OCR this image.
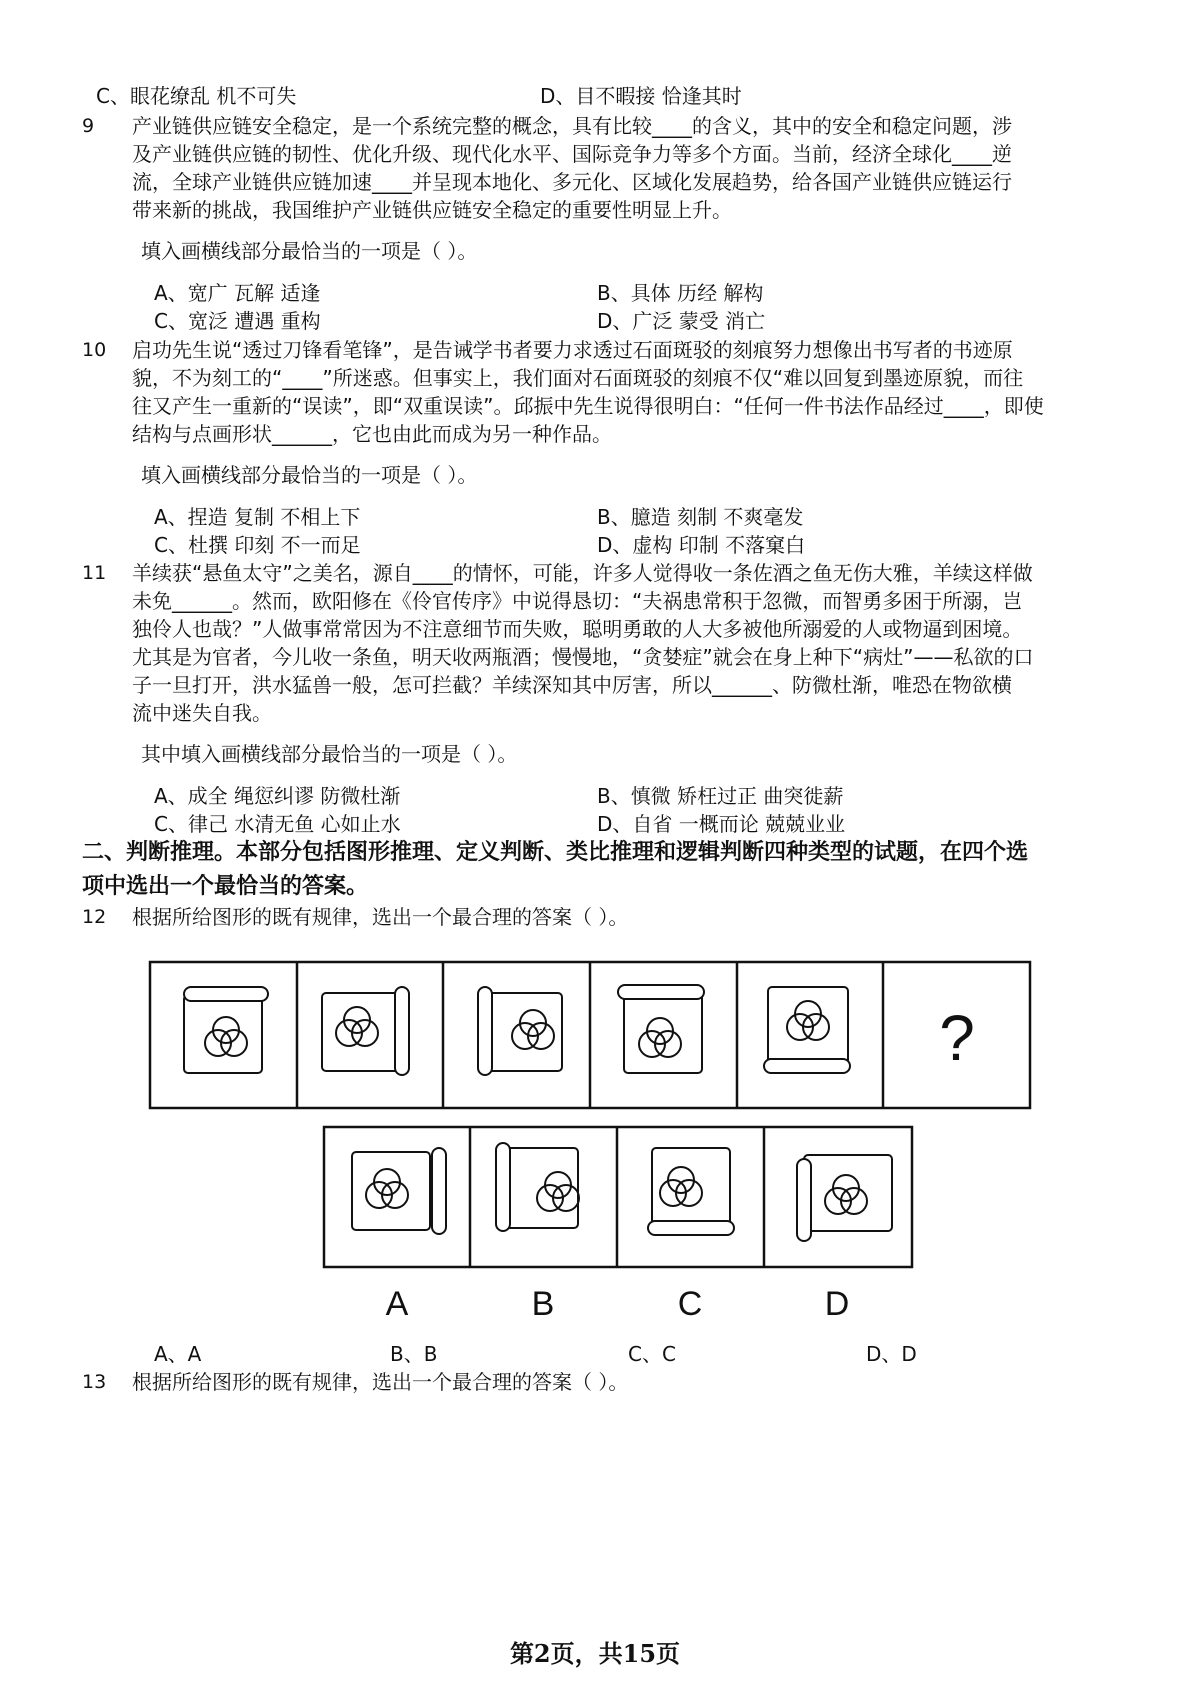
C、眼花缭乱 机不可失	D、目不暇接 恰逢其时
9 产业链供应链安全稳定，是一个系统完整的概念，具有比较____的含义，其中的安全和稳定问题，涉
及产业链供应链的韧性、优化升级、现代化水平、国际竞争力等多个方面。当前，经济全球化____逆
流，全球产业链供应链加速____并呈现本地化、多元化、区域化发展趋势，给各国产业链供应链运行
带来新的挑战，我国维护产业链供应链安全稳定的重要性明显上升。
填入画横线部分最恰当的一项是（ ）。
A、宽广 瓦解 适逢	B、具体 历经 解构
C、宽泛 遭遇 重构	D、广泛 蒙受 消亡
10 启功先生说“透过刀锋看笔锋”，是告诫学书者要力求透过石面斑驳的刻痕努力想像出书写者的书迹原
貌，不为刻工的“____”所迷惑。但事实上，我们面对石面斑驳的刻痕不仅“难以回复到墨迹原貌，而往
往又产生一重新的“误读”，即“双重误读”。邱振中先生说得很明白：“任何一件书法作品经过____，即使
结构与点画形状______，它也由此而成为另一种作品。
填入画横线部分最恰当的一项是（ ）。
A、捏造 复制 不相上下	B、臆造 刻制 不爽毫发
C、杜撰 印刻 不一而足	D、虚构 印制 不落窠白
11 羊续获“悬鱼太守”之美名，源自____的情怀，可能，许多人觉得收一条佐酒之鱼无伤大雅，羊续这样做
未免______。然而，欧阳修在《伶官传序》中说得恳切：“夫祸患常积于忽微，而智勇多困于所溺，岂
独伶人也哉？”人做事常常因为不注意细节而失败，聪明勇敢的人大多被他所溺爱的人或物逼到困境。
尤其是为官者，今儿收一条鱼，明天收两瓶酒；慢慢地，“贪婪症”就会在身上种下“病灶”——私欲的口
子一旦打开，洪水猛兽一般，怎可拦截？羊续深知其中厉害，所以______、防微杜渐，唯恐在物欲横
流中迷失自我。
其中填入画横线部分最恰当的一项是（ ）。
A、成全 绳愆纠谬 防微杜渐	B、慎微 矫枉过正 曲突徙薪
C、律己 水清无鱼 心如止水	D、自省 一概而论 兢兢业业
二、判断推理。本部分包括图形推理、定义判断、类比推理和逻辑判断四种类型的试题，在四个选
项中选出一个最恰当的答案。
12 根据所给图形的既有规律，选出一个最合理的答案（ ）。
?
A	B	C	D
A、A	B、B	C、C	D、D
13 根据所给图形的既有规律，选出一个最合理的答案（ ）。
第2页，共15页
